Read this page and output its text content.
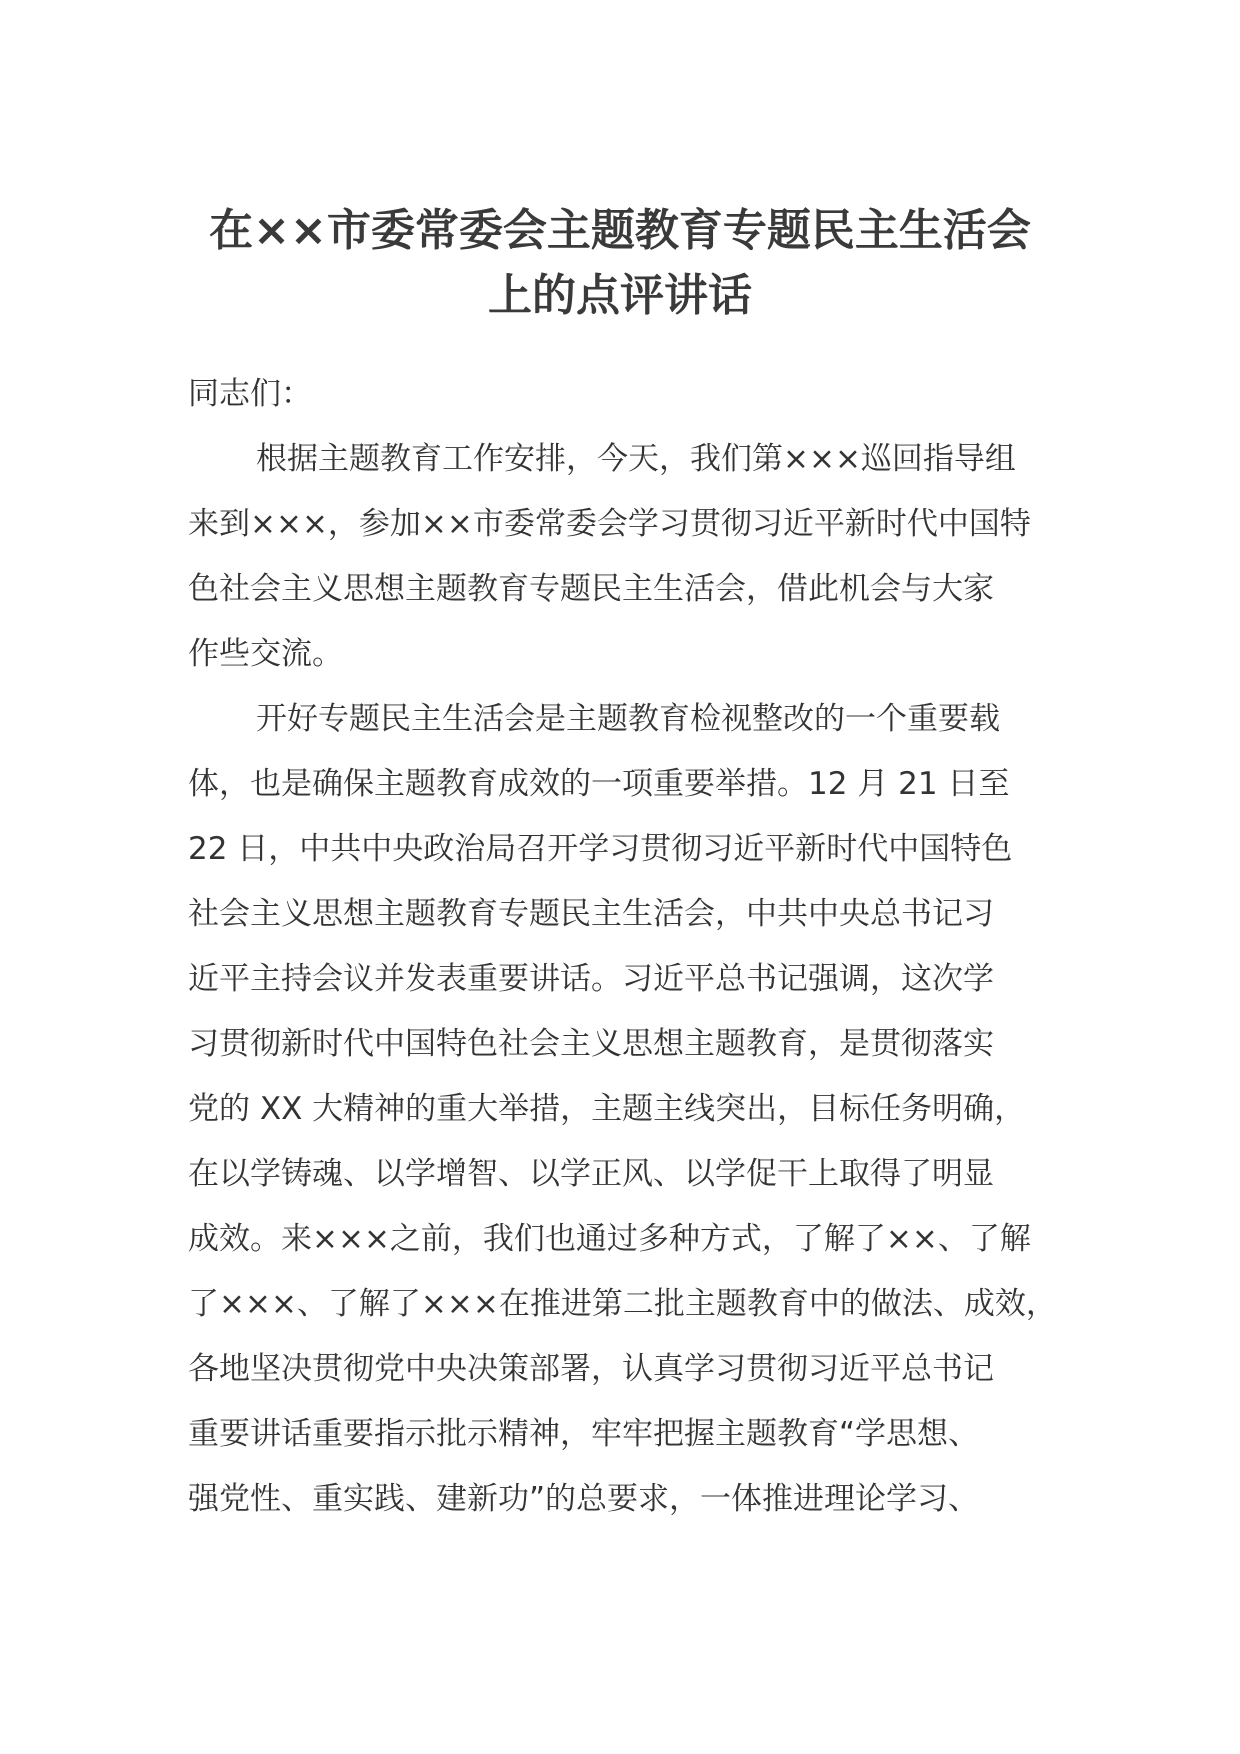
在××市委常委会主题教育专题民主生活会
上的点评讲话
同志们：
根据主题教育工作安排，今天，我们第×××巡回指导组
来到×××，参加××市委常委会学习贯彻习近平新时代中国特
色社会主义思想主题教育专题民主生活会，借此机会与大家
作些交流。
开好专题民主生活会是主题教育检视整改的一个重要载
体，也是确保主题教育成效的一项重要举措。12 月 21 日至
22 日，中共中央政治局召开学习贯彻习近平新时代中国特色
社会主义思想主题教育专题民主生活会，中共中央总书记习
近平主持会议并发表重要讲话。习近平总书记强调，这次学
习贯彻新时代中国特色社会主义思想主题教育，是贯彻落实
党的 XX 大精神的重大举措，主题主线突出，目标任务明确，
在以学铸魂、以学增智、以学正风、以学促干上取得了明显
成效。来×××之前，我们也通过多种方式，了解了××、了解
了×××、了解了×××在推进第二批主题教育中的做法、成效，
各地坚决贯彻党中央决策部署，认真学习贯彻习近平总书记
重要讲话重要指示批示精神，牢牢把握主题教育“学思想、
强党性、重实践、建新功”的总要求，一体推进理论学习、
